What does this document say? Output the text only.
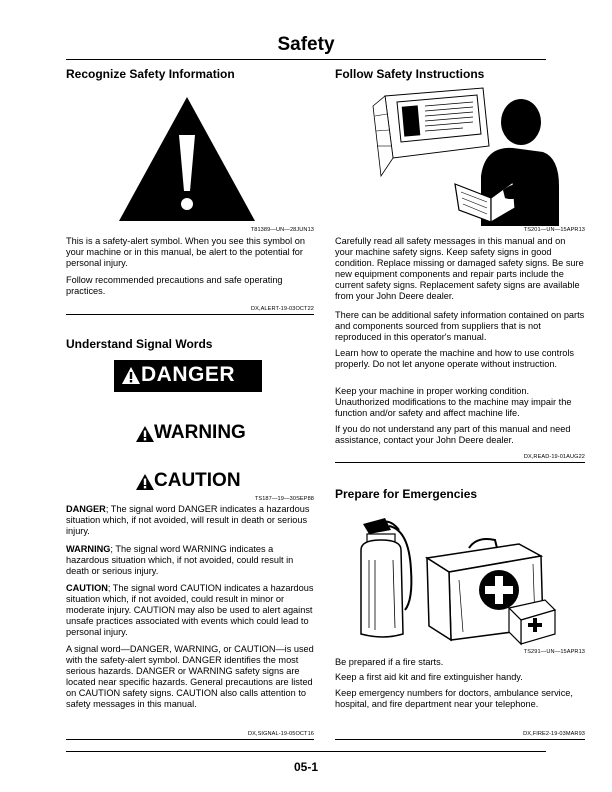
Safety
Recognize Safety Information
T81389—UN—28JUN13

This is a safety-alert symbol. When you see this symbol on your machine or in this manual, be alert to the potential for personal injury.

Follow recommended precautions and safe operating practices.

DX,ALERT-19-03OCT22
Understand Signal Words
DANGER
WARNING
CAUTION
TS187—19—30SEP88

DANGER; The signal word DANGER indicates a hazardous situation which, if not avoided, will result in death or serious injury.

WARNING; The signal word WARNING indicates a hazardous situation which, if not avoided, could result in death or serious injury.

CAUTION; The signal word CAUTION indicates a hazardous situation which, if not avoided, could result in minor or moderate injury. CAUTION may also be used to alert against unsafe practices associated with events which could lead to personal injury.

A signal word—DANGER, WARNING, or CAUTION—is used with the safety-alert symbol. DANGER identifies the most serious hazards. DANGER or WARNING safety signs are located near specific hazards. General precautions are listed on CAUTION safety signs. CAUTION also calls attention to safety messages in this manual.

DX,SIGNAL-19-05OCT16
Follow Safety Instructions
TS201—UN—15APR13

Carefully read all safety messages in this manual and on your machine safety signs. Keep safety signs in good condition. Replace missing or damaged safety signs. Be sure new equipment components and repair parts include the current safety signs. Replacement safety signs are available from your John Deere dealer.

There can be additional safety information contained on parts and components sourced from suppliers that is not reproduced in this operator's manual.

Learn how to operate the machine and how to use controls properly. Do not let anyone operate without instruction.

Keep your machine in proper working condition. Unauthorized modifications to the machine may impair the function and/or safety and affect machine life.

If you do not understand any part of this manual and need assistance, contact your John Deere dealer.

DX,READ-19-01AUG22
Prepare for Emergencies
TS291—UN—15APR13

Be prepared if a fire starts.

Keep a first aid kit and fire extinguisher handy.

Keep emergency numbers for doctors, ambulance service, hospital, and fire department near your telephone.

DX,FIRE2-19-03MAR93
05-1
